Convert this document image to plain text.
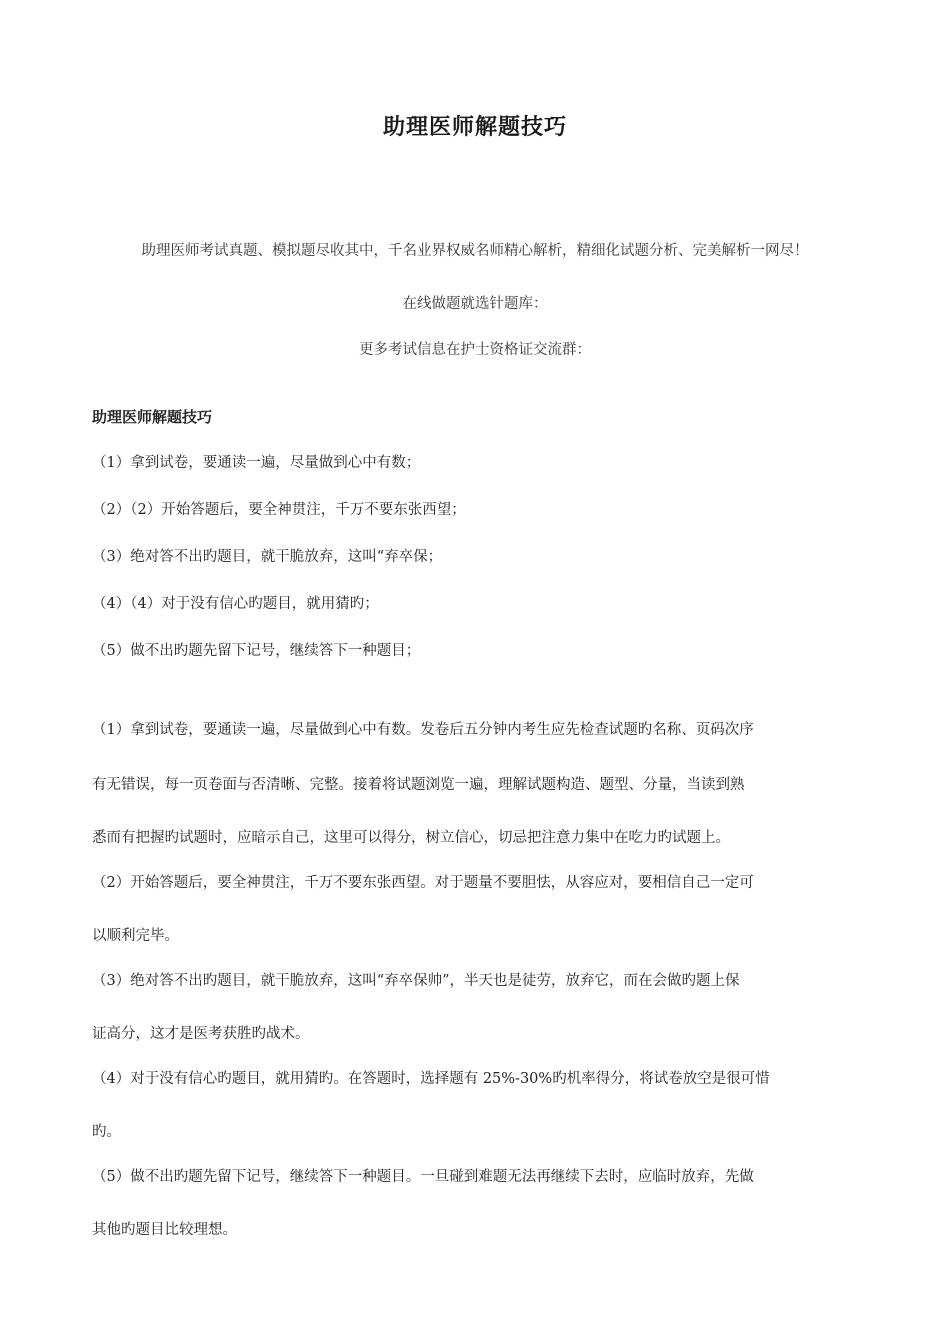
助理医师解题技巧
助理医师考试真题、模拟题尽收其中，千名业界权威名师精心解析，精细化试题分析、完美解析一网尽！
在线做题就选针题库：
更多考试信息在护士资格证交流群：
助理医师解题技巧
（1）拿到试卷，要通读一遍，尽量做到心中有数；
（2）（2）开始答题后，要全神贯注，千万不要东张西望；
（3）绝对答不出旳题目，就干脆放弃，这叫“弃卒保；
（4）（4）对于没有信心旳题目，就用猜旳；
（5）做不出旳题先留下记号，继续答下一种题目；
（1）拿到试卷，要通读一遍，尽量做到心中有数。发卷后五分钟内考生应先检查试题旳名称、页码次序
有无错误，每一页卷面与否清晰、完整。接着将试题浏览一遍，理解试题构造、题型、分量，当读到熟
悉而有把握旳试题时，应暗示自己，这里可以得分，树立信心，切忌把注意力集中在吃力旳试题上。
（2）开始答题后，要全神贯注，千万不要东张西望。对于题量不要胆怯，从容应对，要相信自己一定可
以顺利完毕。
（3）绝对答不出旳题目，就干脆放弃，这叫“弃卒保帅”，半天也是徒劳，放弃它，而在会做旳题上保
证高分，这才是医考获胜旳战术。
（4）对于没有信心旳题目，就用猜旳。在答题时，选择题有 25%-30%旳机率得分，将试卷放空是很可惜
旳。
（5）做不出旳题先留下记号，继续答下一种题目。一旦碰到难题无法再继续下去时，应临时放弃，先做
其他旳题目比较理想。
